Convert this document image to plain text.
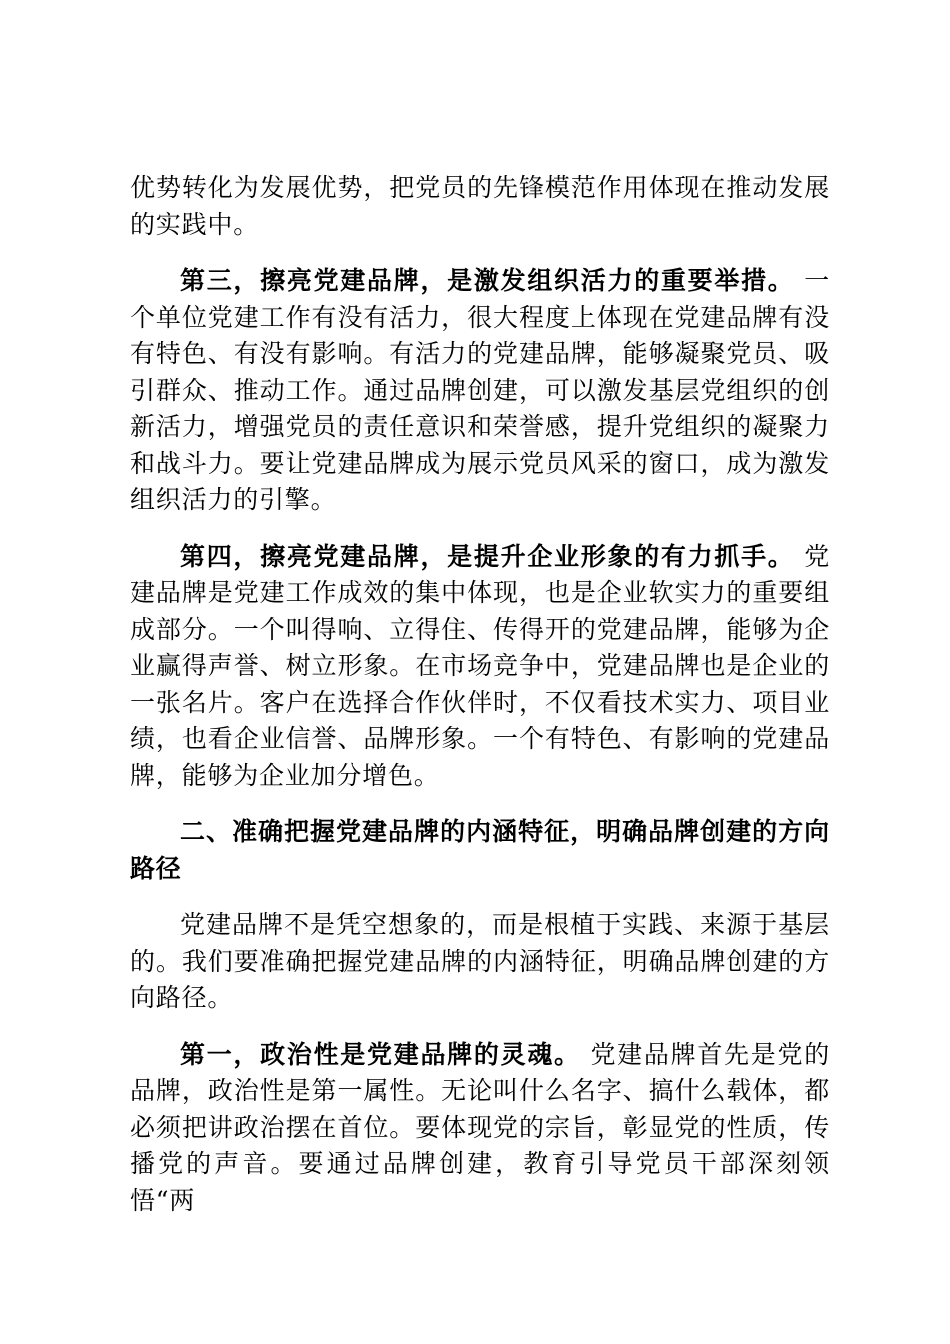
优势转化为发展优势，把党员的先锋模范作用体现在推动发展的实践中。

第三，擦亮党建品牌，是激发组织活力的重要举措。 一个单位党建工作有没有活力，很大程度上体现在党建品牌有没有特色、有没有影响。有活力的党建品牌，能够凝聚党员、吸引群众、推动工作。通过品牌创建，可以激发基层党组织的创新活力，增强党员的责任意识和荣誉感，提升党组织的凝聚力和战斗力。要让党建品牌成为展示党员风采的窗口，成为激发组织活力的引擎。

第四，擦亮党建品牌，是提升企业形象的有力抓手。 党建品牌是党建工作成效的集中体现，也是企业软实力的重要组成部分。一个叫得响、立得住、传得开的党建品牌，能够为企业赢得声誉、树立形象。在市场竞争中，党建品牌也是企业的一张名片。客户在选择合作伙伴时，不仅看技术实力、项目业绩，也看企业信誉、品牌形象。一个有特色、有影响的党建品牌，能够为企业加分增色。

二、准确把握党建品牌的内涵特征，明确品牌创建的方向路径

党建品牌不是凭空想象的，而是根植于实践、来源于基层的。我们要准确把握党建品牌的内涵特征，明确品牌创建的方向路径。

第一，政治性是党建品牌的灵魂。 党建品牌首先是党的品牌，政治性是第一属性。无论叫什么名字、搞什么载体，都必须把讲政治摆在首位。要体现党的宗旨，彰显党的性质，传播党的声音。要通过品牌创建，教育引导党员干部深刻领悟“两
